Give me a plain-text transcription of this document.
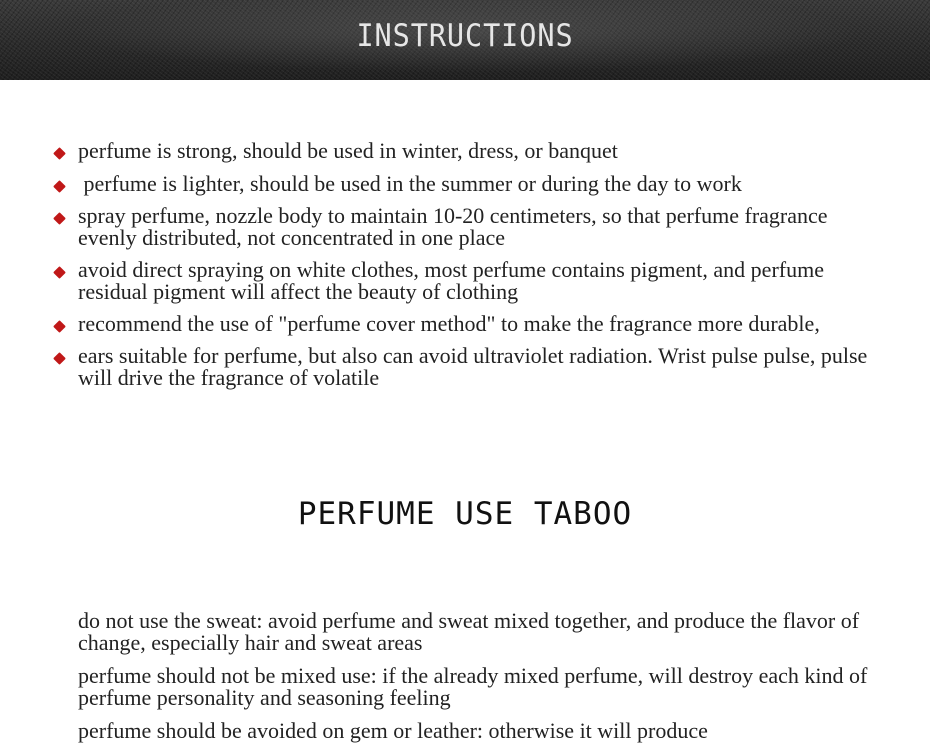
INSTRUCTIONS
perfume is strong, should be used in winter, dress, or banquet
perfume is lighter, should be used in the summer or during the day to work
spray perfume, nozzle body to maintain 10-20 centimeters, so that perfume fragrance evenly distributed, not concentrated in one place
avoid direct spraying on white clothes, most perfume contains pigment, and perfume residual pigment will affect the beauty of clothing
recommend the use of "perfume cover method" to make the fragrance more durable,
ears suitable for perfume, but also can avoid ultraviolet radiation. Wrist pulse pulse, pulse will drive the fragrance of volatile
PERFUME USE TABOO
do not use the sweat: avoid perfume and sweat mixed together, and produce the flavor of change, especially hair and sweat areas
perfume should not be mixed use: if the already mixed perfume, will destroy each kind of perfume personality and seasoning feeling
perfume should be avoided on gem or leather: otherwise it will produce
